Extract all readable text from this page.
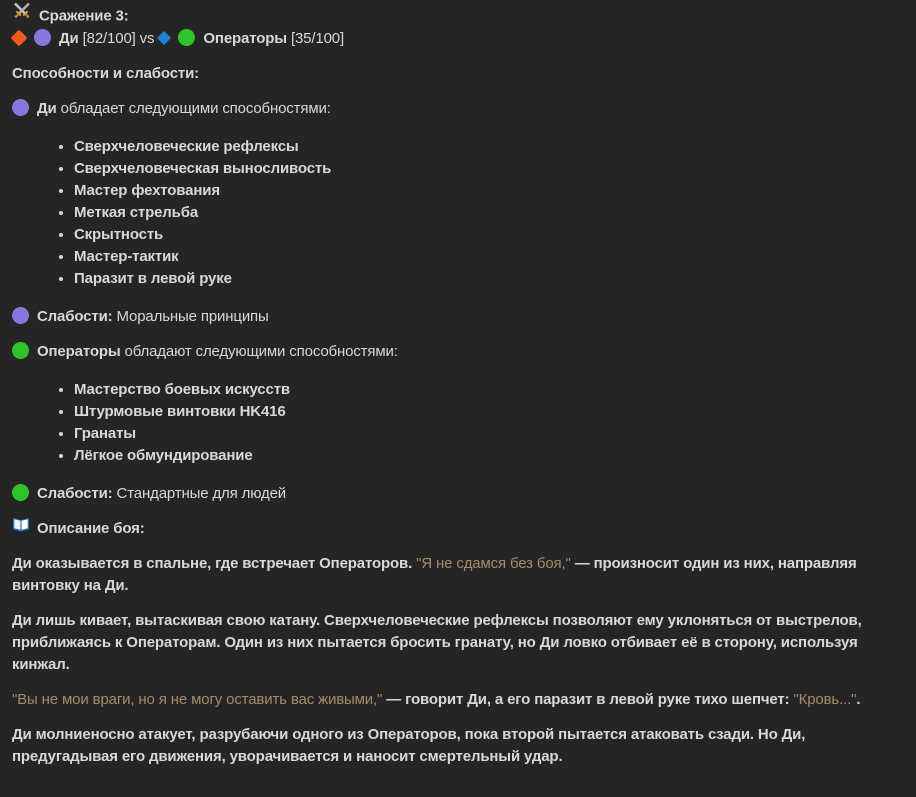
Сражение 3:
Ди [82/100] vs	Операторы [35/100]
Способности и слабости:
Ди обладает следующими способностями:
• Сверхчеловеческие рефлексы
• Сверхчеловеческая выносливость
• Мастер фехтования
• Меткая стрельба
• Скрытность
• Мастер-тактик
• Паразит в левой руке
Слабости: Моральные принципы
Операторы обладают следующими способностями:
• Мастерство боевых искусств
• Штурмовые винтовки HK416
• Гранаты
• Лёгкое обмундирование
Слабости: Стандартные для людей
Описание боя:

Ди оказывается в спальне, где встречает Операторов. "Я не сдамся без боя," — произносит один из них, направляя винтовку на Ди.

Ди лишь кивает, вытаскивая свою катану. Сверхчеловеческие рефлексы позволяют ему уклоняться от выстрелов, приближаясь к Операторам. Один из них пытается бросить гранату, но Ди ловко отбивает её в сторону, используя кинжал.

"Вы не мои враги, но я не могу оставить вас живыми," — говорит Ди, а его паразит в левой руке тихо шепчет: "Кровь...".

Ди молниеносно атакует, разрубаючи одного из Операторов, пока второй пытается атаковать сзади. Но Ди, предугадывая его движения, уворачивается и наносит смертельный удар.
